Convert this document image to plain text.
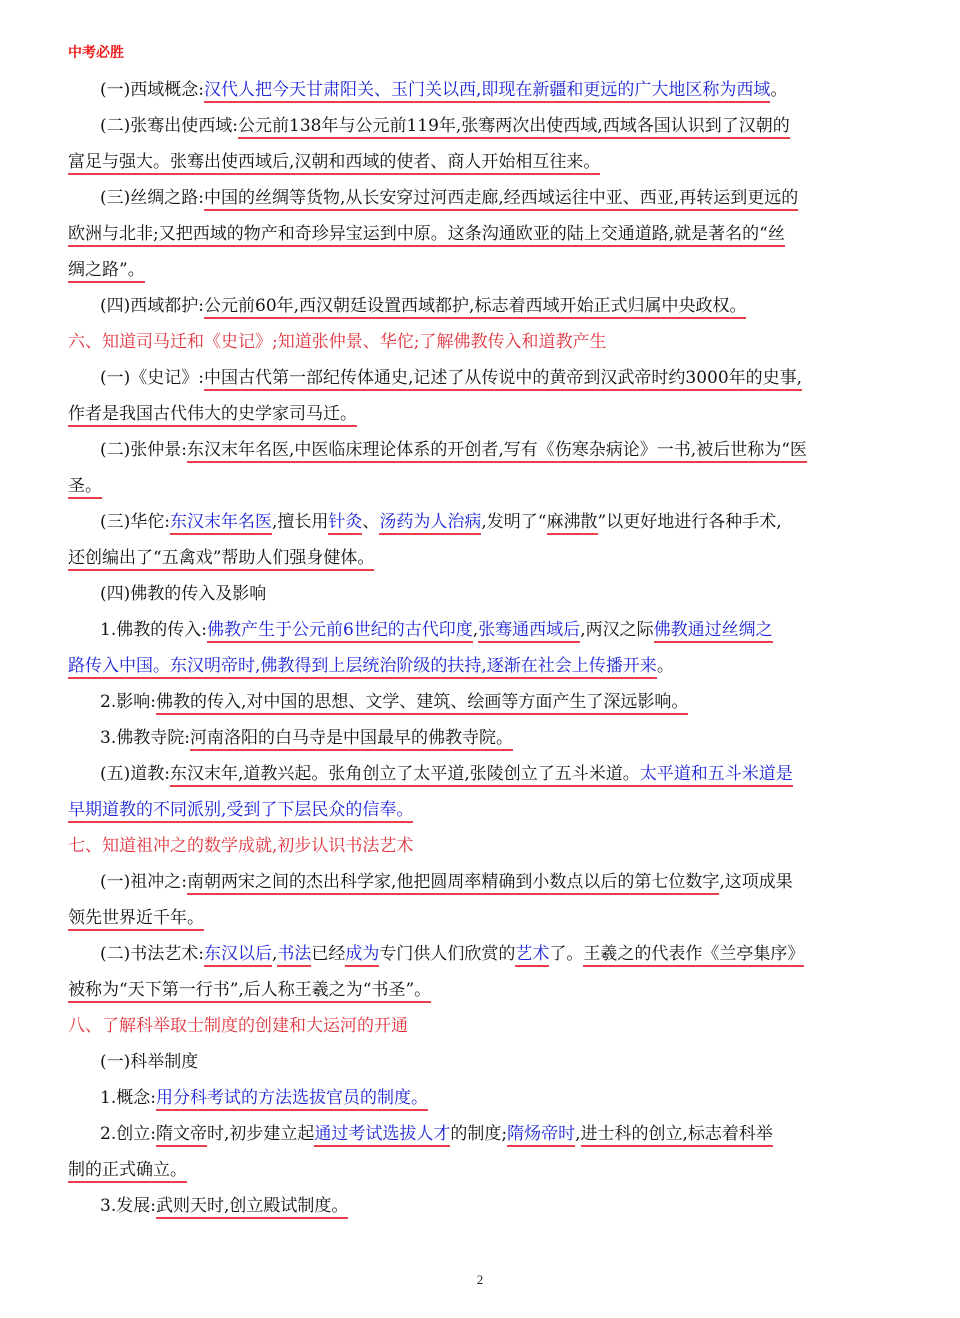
中考必胜
(一)西域概念:汉代人把今天甘肃阳关、玉门关以西,即现在新疆和更远的广大地区称为西域。
(二)张骞出使西域:公元前138年与公元前119年,张骞两次出使西域,西域各国认识到了汉朝的
富足与强大。张骞出使西域后,汉朝和西域的使者、商人开始相互往来。
(三)丝绸之路:中国的丝绸等货物,从长安穿过河西走廊,经西域运往中亚、西亚,再转运到更远的
欧洲与北非;又把西域的物产和奇珍异宝运到中原。这条沟通欧亚的陆上交通道路,就是著名的“丝
绸之路”。
(四)西域都护:公元前60年,西汉朝廷设置西域都护,标志着西域开始正式归属中央政权。
六、知道司马迁和《史记》;知道张仲景、华佗;了解佛教传入和道教产生
(一)《史记》:中国古代第一部纪传体通史,记述了从传说中的黄帝到汉武帝时约3000年的史事,
作者是我国古代伟大的史学家司马迁。
(二)张仲景:东汉末年名医,中医临床理论体系的开创者,写有《伤寒杂病论》一书,被后世称为“医
圣。
(三)华佗:东汉末年名医,擅长用针灸、汤药为人治病,发明了“麻沸散”以更好地进行各种手术,
还创编出了“五禽戏”帮助人们强身健体。
(四)佛教的传入及影响
1.佛教的传入:佛教产生于公元前6世纪的古代印度,张骞通西域后,两汉之际佛教通过丝绸之
路传入中国。东汉明帝时,佛教得到上层统治阶级的扶持,逐渐在社会上传播开来。
2.影响:佛教的传入,对中国的思想、文学、建筑、绘画等方面产生了深远影响。
3.佛教寺院:河南洛阳的白马寺是中国最早的佛教寺院。
(五)道教:东汉末年,道教兴起。张角创立了太平道,张陵创立了五斗米道。太平道和五斗米道是
早期道教的不同派别,受到了下层民众的信奉。
七、知道祖冲之的数学成就,初步认识书法艺术
(一)祖冲之:南朝两宋之间的杰出科学家,他把圆周率精确到小数点以后的第七位数字,这项成果
领先世界近千年。
(二)书法艺术:东汉以后,书法已经成为专门供人们欣赏的艺术了。王羲之的代表作《兰亭集序》
被称为“天下第一行书”,后人称王羲之为“书圣”。
八、了解科举取士制度的创建和大运河的开通
(一)科举制度
1.概念:用分科考试的方法选拔官员的制度。
2.创立:隋文帝时,初步建立起通过考试选拔人才的制度;隋炀帝时,进士科的创立,标志着科举
制的正式确立。
3.发展:武则天时,创立殿试制度。
2
